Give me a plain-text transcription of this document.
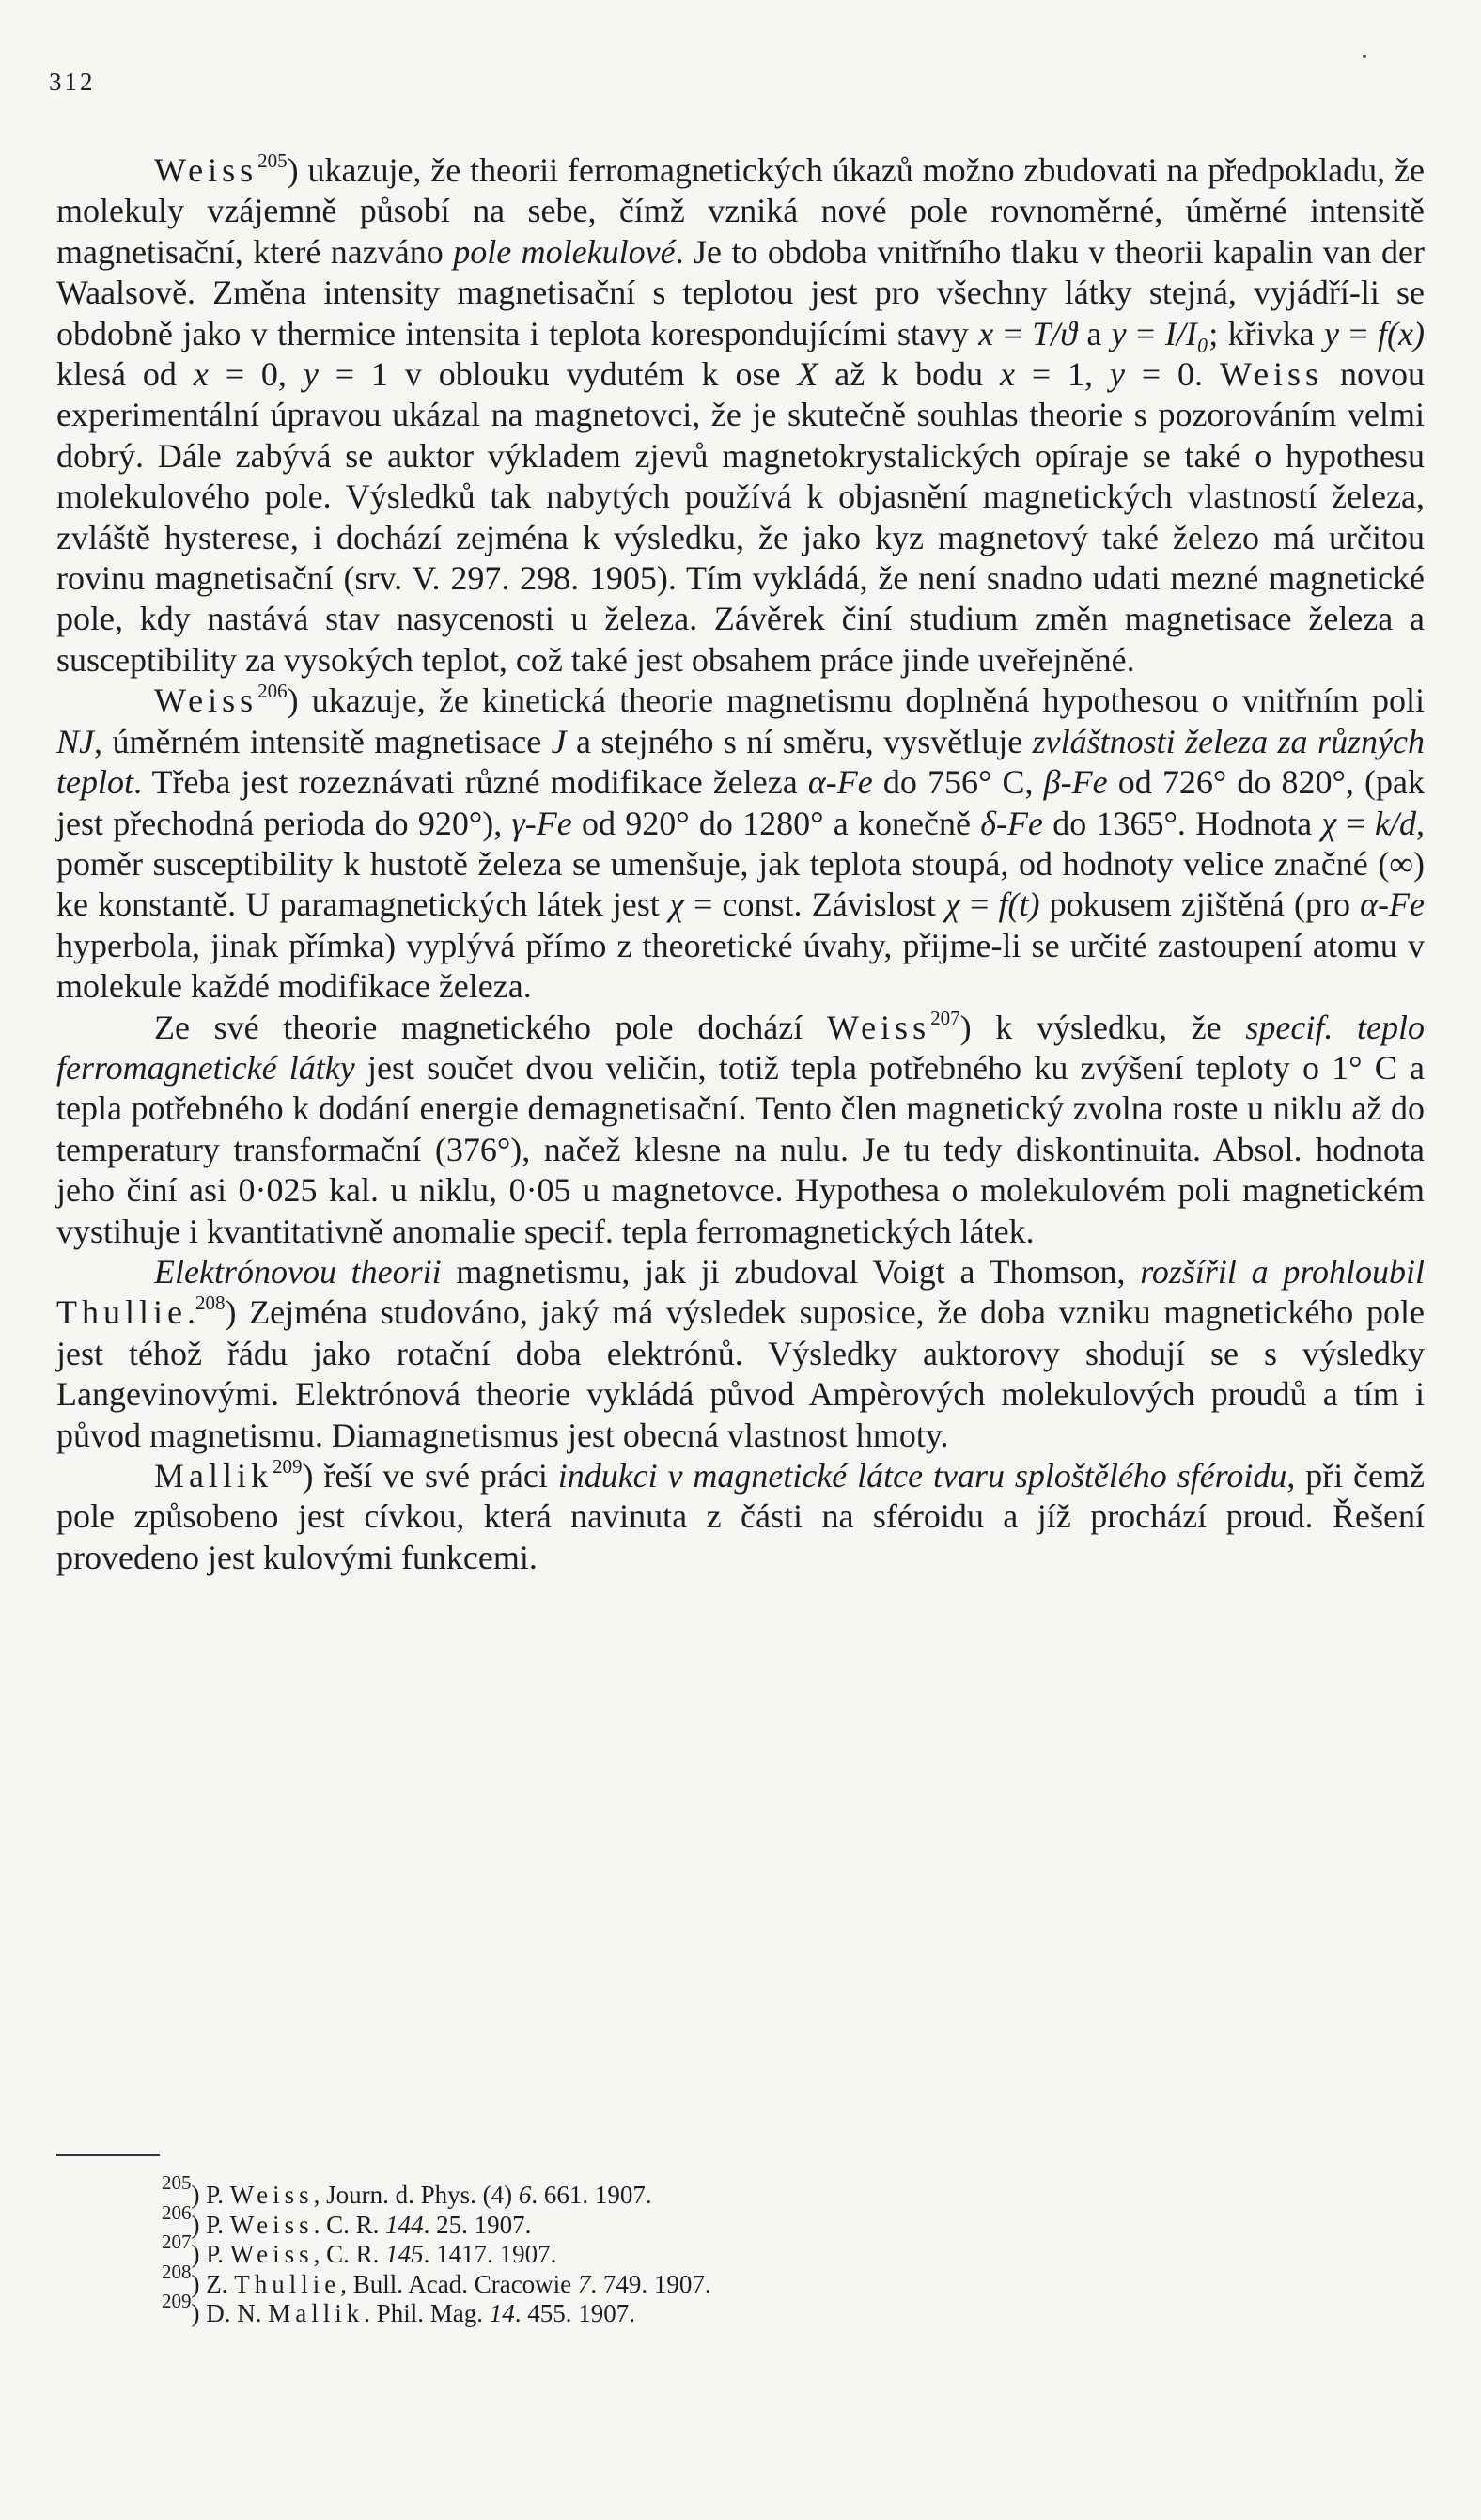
312

Weiss$^{205}$) ukazuje, že theorii ferromagnetických úkazů možno zbudovati na předpokladu, že molekuly vzájemně působí na sebe, čímž vzniká nové pole rovnoměrné, úměrné intensitě magnetisační, které nazváno pole molekulové. Je to obdoba vnitřního tlaku v theorii kapalin van der Waalsově. Změna intensity magnetisační s teplotou jest pro všechny látky stejná, vyjádří-li se obdobně jako v thermice intensita i teplota korespondujícími stavy x = T/ϑ a y = I/I₀; křivka y = f(x) klesá od x = 0, y = 1 v oblouku vydutém k ose X až k bodu x = 1, y = 0. Weiss novou experimentální úpravou ukázal na magnetovci, že je skutečně souhlas theorie s pozorováním velmi dobrý. Dále zabývá se auktor výkladem zjevů magnetokrystalických opíraje se také o hypothesu molekulového pole. Výsledků tak nabytých používá k objasnění magnetických vlastností železa, zvláště hysterese, i dochází zejména k výsledku, že jako kyz magnetový také železo má určitou rovinu magnetisační (srv. V. 297. 298. 1905). Tím vykládá, že není snadno udati mezné magnetické pole, kdy nastává stav nasycenosti u železa. Závěrek činí studium změn magnetisace železa a susceptibility za vysokých teplot, což také jest obsahem práce jinde uveřejněné.

Weiss$^{206}$) ukazuje, že kinetická theorie magnetismu doplněná hypothesou o vnitřním poli NJ, úměrném intensitě magnetisace J a stejného s ní směru, vysvětluje zvláštnosti železa za různých teplot. Třeba jest rozeznávati různé modifikace železa α-Fe do 756° C, β-Fe od 726° do 820°, (pak jest přechodná perioda do 920°), γ-Fe od 920° do 1280° a konečně δ-Fe do 1365°. Hodnota χ = k/d, poměr susceptibility k hustotě železa se umenšuje, jak teplota stoupá, od hodnoty velice značné (∞) ke konstantě. U paramagnetických látek jest χ = const. Závislost χ = f(t) pokusem zjištěná (pro α-Fe hyperbola, jinak přímka) vyplývá přímo z theoretické úvahy, přijme-li se určité zastoupení atomu v molekule každé modifikace železa.

Ze své theorie magnetického pole dochází Weiss$^{207}$) k výsledku, že specif. teplo ferromagnetické látky jest součet dvou veličin, totiž tepla potřebného ku zvýšení teploty o 1° C a tepla potřebného k dodání energie demagnetisační. Tento člen magnetický zvolna roste u niklu až do temperatury transformační (376°), načež klesne na nulu. Je tu tedy diskontinuita. Absol. hodnota jeho činí asi 0·025 kal. u niklu, 0·05 u magnetovce. Hypothesa o molekulovém poli magnetickém vystihuje i kvantitativně anomalie specif. tepla ferromagnetických látek.

Elektrónovou theorii magnetismu, jak ji zbudoval Voigt a Thomson, rozšířil a prohloubil Thullie.$^{208}$) Zejména studováno, jaký má výsledek suposice, že doba vzniku magnetického pole jest téhož řádu jako rotační doba elektrónů. Výsledky auktorovy shodují se s výsledky Langevinovými. Elektrónová theorie vykládá původ Ampèrových molekulových proudů a tím i původ magnetismu. Diamagnetismus jest obecná vlastnost hmoty.

Mallik$^{209}$) řeší ve své práci indukci v magnetické látce tvaru sploštělého sféroidu, při čemž pole způsobeno jest cívkou, která navinuta z části na sféroidu a jíž prochází proud. Řešení provedeno jest kulovými funkcemi.

$^{205}$) P. Weiss, Journ. d. Phys. (4) 6. 661. 1907.
$^{206}$) P. Weiss. C. R. 144. 25. 1907.
$^{207}$) P. Weiss, C. R. 145. 1417. 1907.
$^{208}$) Z. Thullie, Bull. Acad. Cracowie 7. 749. 1907.
$^{209}$) D. N. Mallik. Phil. Mag. 14. 455. 1907.
